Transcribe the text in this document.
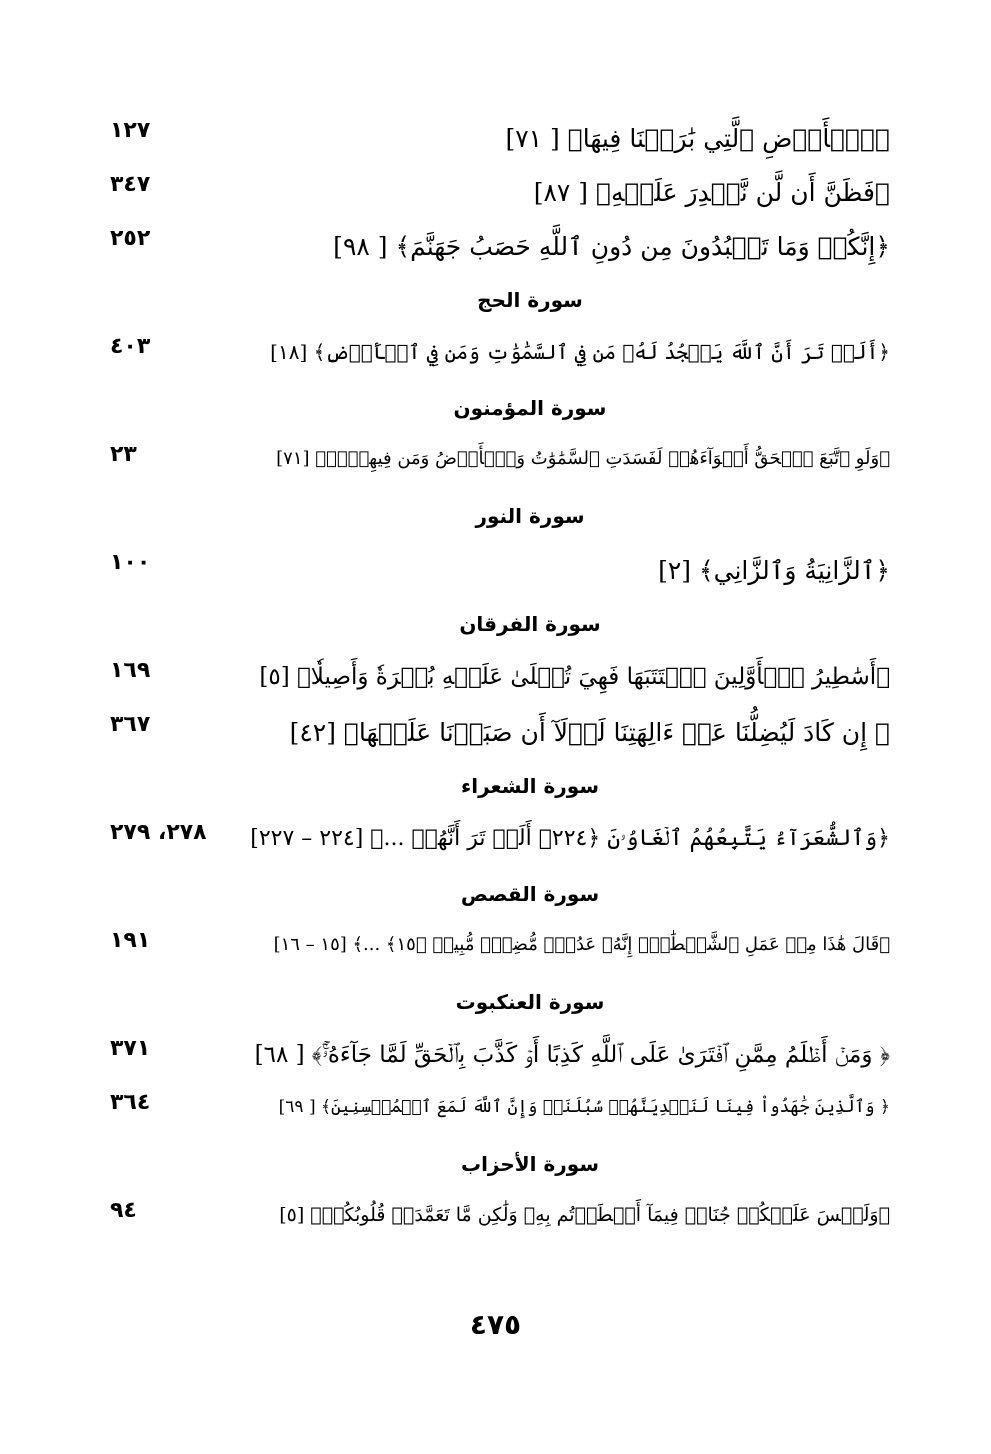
﴿ٱلۡأَرۡضِ ٱلَّتِي بَٰرَكۡنَا فِيهَا﴾ [ ٧١]
١٢٧
﴿فَظَنَّ أَن لَّن نَّقۡدِرَ عَلَيۡهِ﴾ [ ٨٧]
٣٤٧
﴿إِنَّكُمۡ وَمَا تَعۡبُدُونَ مِن دُونِ ٱللَّهِ حَصَبُ جَهَنَّمَ﴾ [ ٩٨]
٢٥٢
سورة الحج
﴿أَلَمۡ تَرَ أَنَّ ٱللَّهَ يَسۡجُدُ لَهُۥ مَن فِي ٱلسَّمَٰوَٰتِ وَمَن فِي ٱلۡأَرۡضِ﴾ [١٨]
٤٠٣
سورة المؤمنون
﴿وَلَوِ ٱتَّبَعَ ٱلۡحَقُّ أَهۡوَآءَهُمۡ لَفَسَدَتِ ٱلسَّمَٰوَٰتُ وَٱلۡأَرۡضُ وَمَن فِيهِنَّۚ﴾ [٧١]
٢٣
سورة النور
﴿ٱلزَّانِيَةُ وَٱلزَّانِي﴾ [٢]
١٠٠
سورة الفرقان
﴿أَسَٰطِيرُ ٱلۡأَوَّلِينَ ٱكۡتَتَبَهَا فَهِيَ تُمۡلَىٰ عَلَيۡهِ بُكۡرَةٗ وَأَصِيلٗا﴾ [٥]
١٦٩
﴿ إِن كَادَ لَيُضِلُّنَا عَنۡ ءَالِهَتِنَا لَوۡلَآ أَن صَبَرۡنَا عَلَيۡهَا﴾ [٤٢]
٣٦٧
سورة الشعراء
﴿وَٱلشُّعَرَآءُ يَتَّبِعُهُمُ ٱلۡغَاوُۥنَ ﴿٢٢٤﴾ أَلَمۡ تَرَ أَنَّهُمۡ ...﴾ [٢٢٤ – ٢٢٧]
٢٧٨، ٢٧٩
سورة القصص
﴿قَالَ هَٰذَا مِنۡ عَمَلِ ٱلشَّيۡطَٰنِۖ إِنَّهُۥ عَدُوّٞ مُّضِلّٞ مُّبِينٞ ﴿١٥﴾ ...﴾ [١٥ – ١٦]
١٩١
سورة العنكبوت
﴿ وَمَنۡ أَظۡلَمُ مِمَّنِ ٱفۡتَرَىٰ عَلَى ٱللَّهِ كَذِبًا أَوۡ كَذَّبَ بِٱلۡحَقِّ لَمَّا جَآءَهُۥٓۚ﴾ [ ٦٨]
٣٧١
﴿ وَٱلَّذِينَ جَٰهَدُواْ فِينَا لَنَهۡدِيَنَّهُمۡ سُبُلَنَاۚ وَإِنَّ ٱللَّهَ لَمَعَ ٱلۡمُحۡسِنِينَ﴾ [ ٦٩]
٣٦٤
سورة الأحزاب
﴿وَلَيۡسَ عَلَيۡكُمۡ جُنَاحٞ فِيمَآ أَخۡطَأۡتُم بِهِۦ وَلَٰكِن مَّا تَعَمَّدَتۡ قُلُوبُكُمۡ﴾ [٥]
٩٤
٤٧٥
